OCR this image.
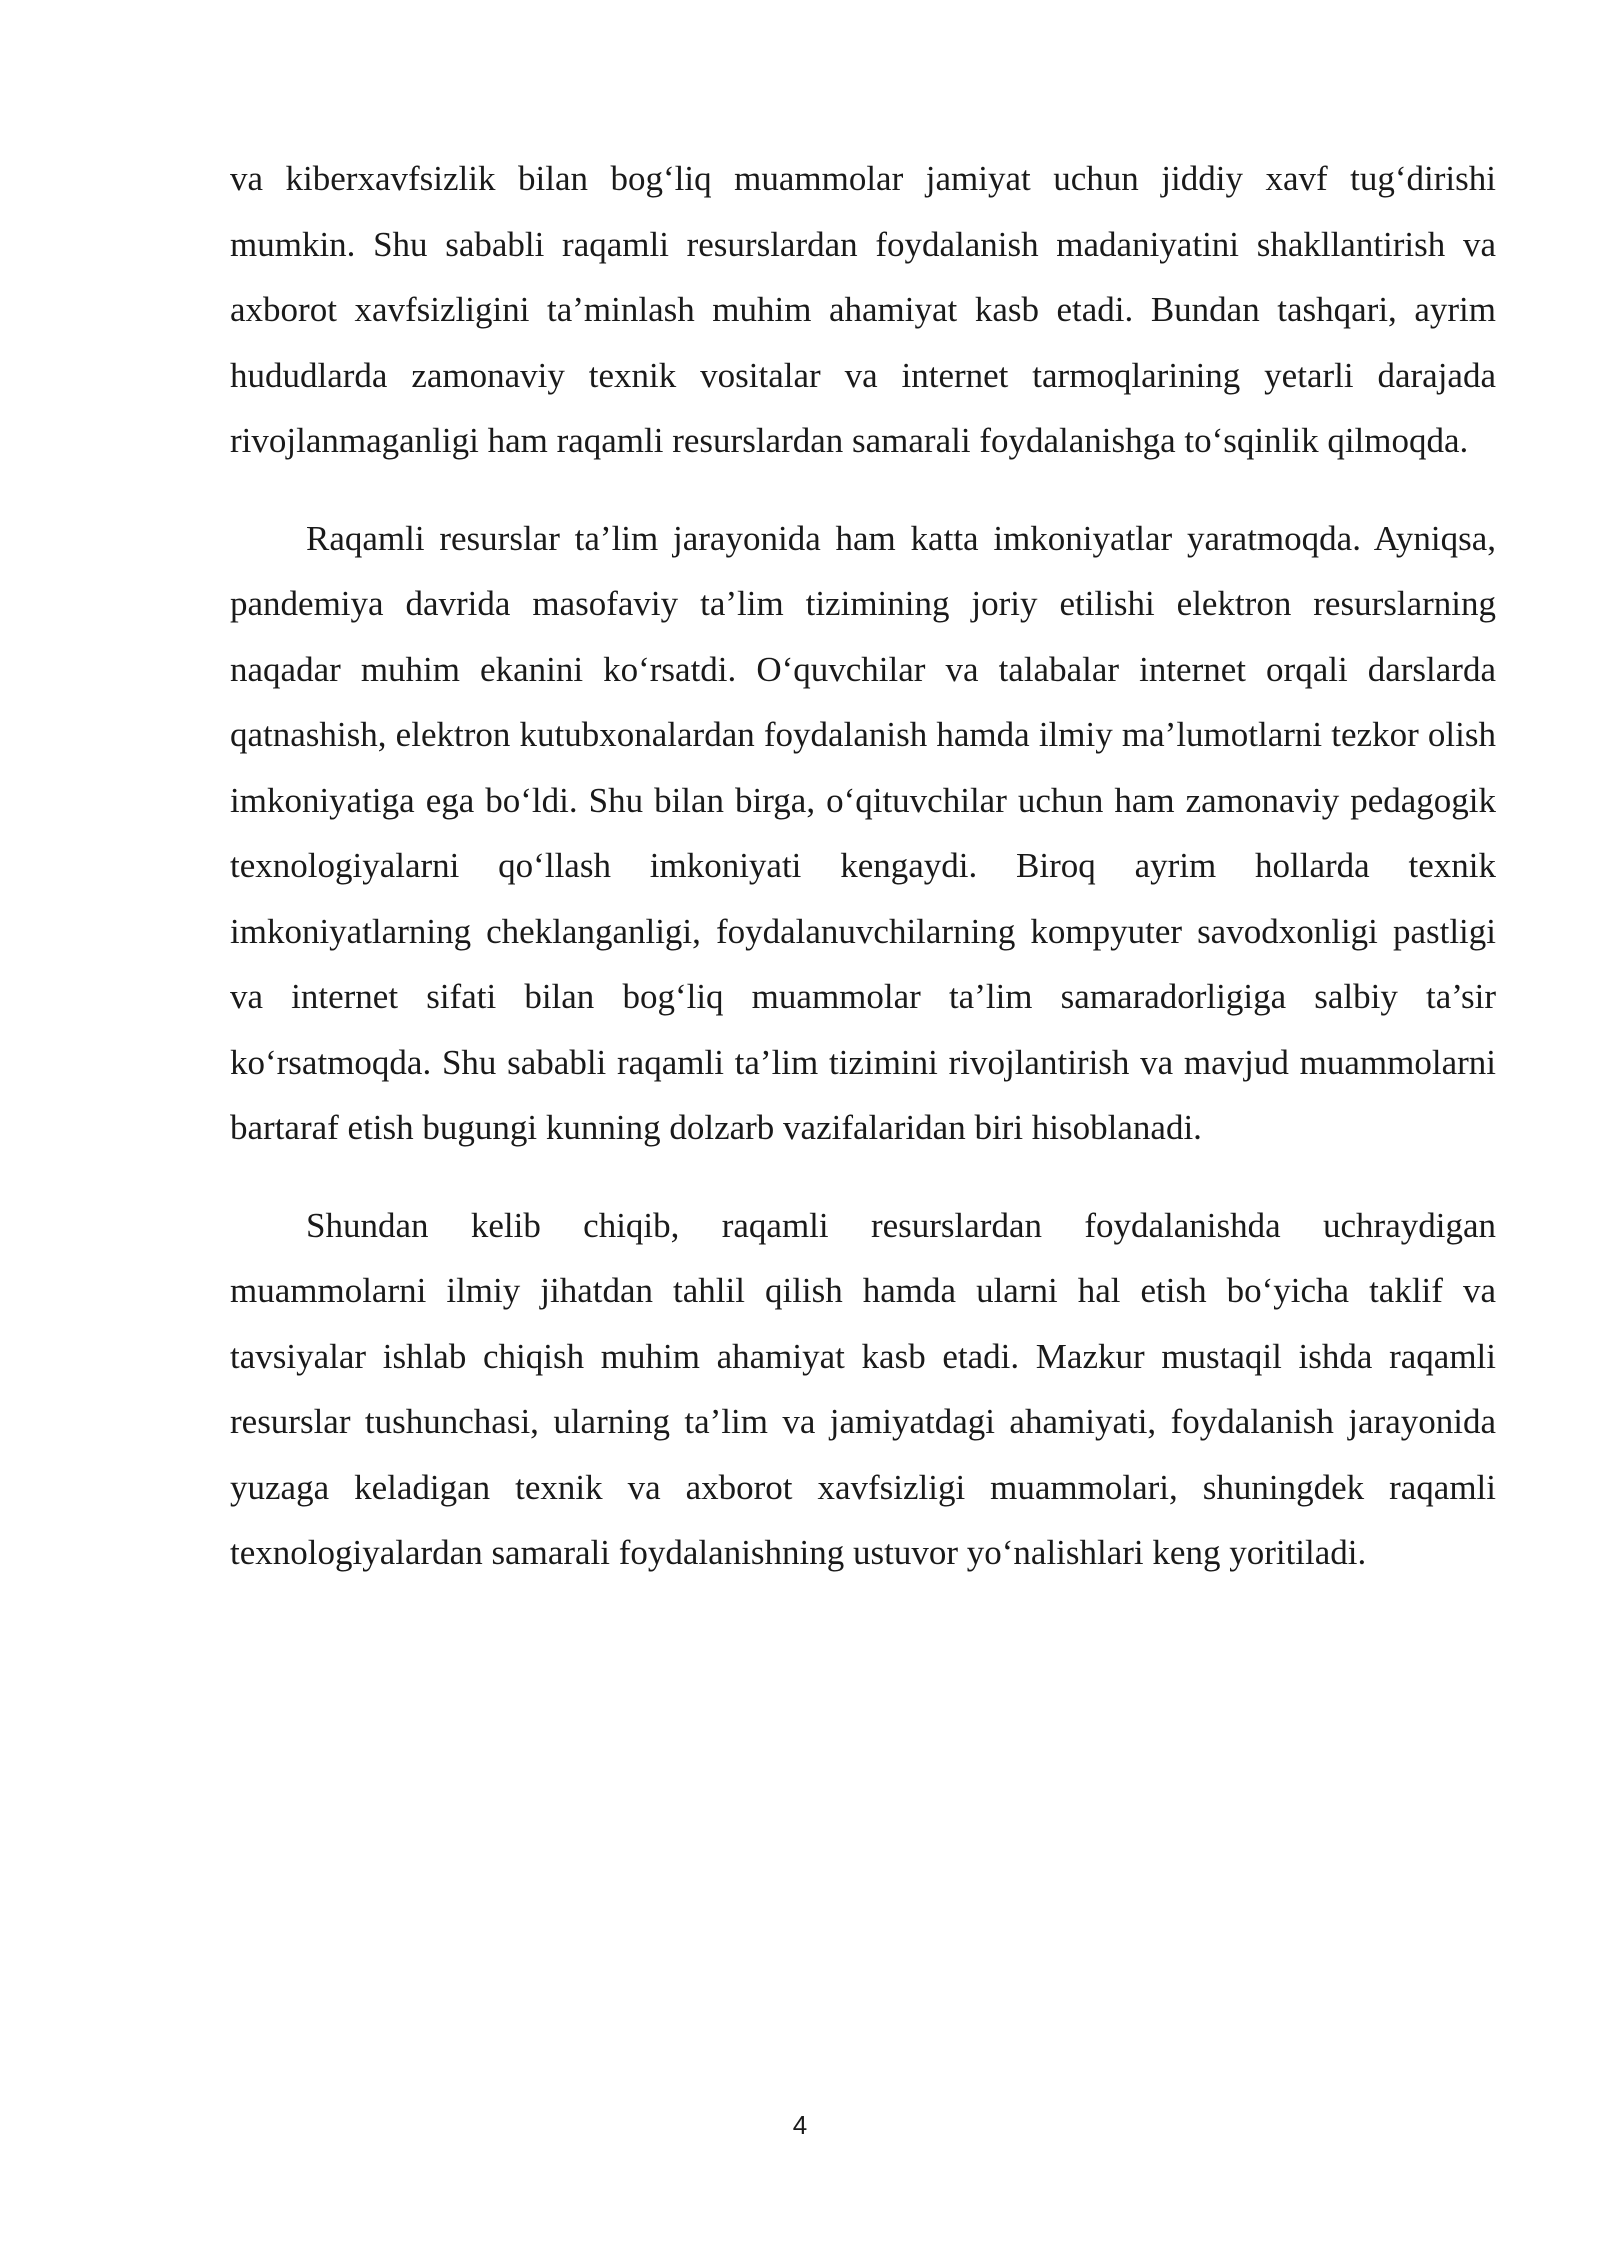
va kiberxavfsizlik bilan bog‘liq muammolar jamiyat uchun jiddiy xavf tug‘dirishi mumkin. Shu sababli raqamli resurslardan foydalanish madaniyatini shakllantirish va axborot xavfsizligini ta’minlash muhim ahamiyat kasb etadi. Bundan tashqari, ayrim hududlarda zamonaviy texnik vositalar va internet tarmoqlarining yetarli darajada rivojlanmaganligi ham raqamli resurslardan samarali foydalanishga to‘sqinlik qilmoqda.

Raqamli resurslar ta’lim jarayonida ham katta imkoniyatlar yaratmoqda. Ayniqsa, pandemiya davrida masofaviy ta’lim tizimining joriy etilishi elektron resurslarning naqadar muhim ekanini ko‘rsatdi. O‘quvchilar va talabalar internet orqali darslarda qatnashish, elektron kutubxonalardan foydalanish hamda ilmiy ma’lumotlarni tezkor olish imkoniyatiga ega bo‘ldi. Shu bilan birga, o‘qituvchilar uchun ham zamonaviy pedagogik texnologiyalarni qo‘llash imkoniyati kengaydi. Biroq ayrim hollarda texnik imkoniyatlarning cheklanganligi, foydalanuvchilarning kompyuter savodxonligi pastligi va internet sifati bilan bog‘liq muammolar ta’lim samaradorligiga salbiy ta’sir ko‘rsatmoqda. Shu sababli raqamli ta’lim tizimini rivojlantirish va mavjud muammolarni bartaraf etish bugungi kunning dolzarb vazifalaridan biri hisoblanadi.

Shundan kelib chiqib, raqamli resurslardan foydalanishda uchraydigan muammolarni ilmiy jihatdan tahlil qilish hamda ularni hal etish bo‘yicha taklif va tavsiyalar ishlab chiqish muhim ahamiyat kasb etadi. Mazkur mustaqil ishda raqamli resurslar tushunchasi, ularning ta’lim va jamiyatdagi ahamiyati, foydalanish jarayonida yuzaga keladigan texnik va axborot xavfsizligi muammolari, shuningdek raqamli texnologiyalardan samarali foydalanishning ustuvor yo‘nalishlari keng yoritiladi.

4
